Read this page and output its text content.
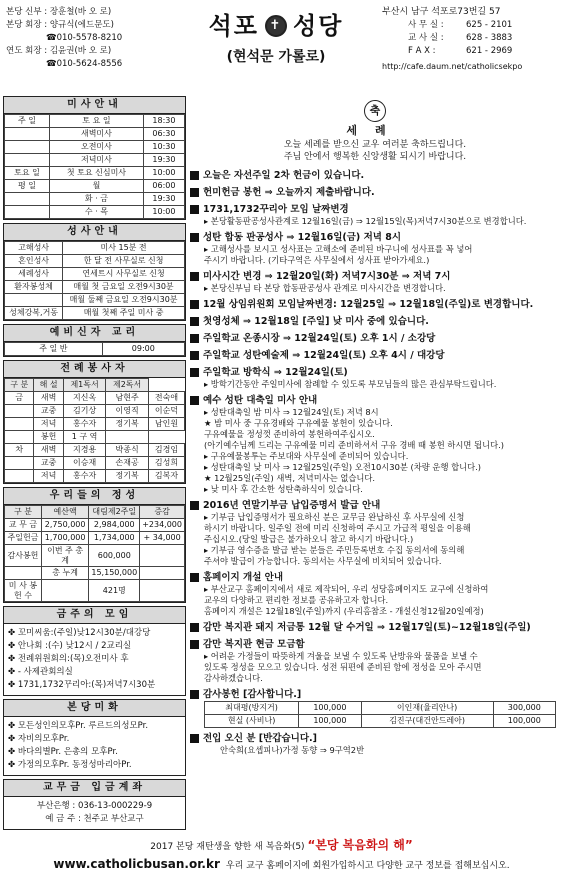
본당 신부 : 장훈철(바 오 로)
본당 회장 : 양규식(에드문도)
☎010-5578-8210
연도 회장 : 김윤권(바 오 로)
☎010-5624-8556
석포 ✝ 성당
(현석문 가롤로)
부산시 남구 석포로73번길 57
사 무 실 :	625 - 2101
교 사 실 :	628 - 3883
F A X :	621 - 2969
http://cafe.daum.net/catholicsekpo
미사안내
주 일	토 요 일	18:30
	새벽미사	06:30
	오전미사	10:30
	저녁미사	19:30
토요 일	첫 토요 신심미사	10:00
평 일	월	06:00
	화 · 금	19:30
	수 · 목	10:00
성사안내
고해성사	미사 15분 전
혼인성사	한 달 전 사무실로 신청
세례성사	연세트시 사무실로 신청
환자봉성체	매월 첫 금요일 오전9시30분
	매월 둘째 금요일 오전9시30분
성체강복,거동	매월 첫째 주일 미사 중
예비신자 교리
주 일 반	09:00
전례봉사자
구 분	해 설	제1독서	제2독서	
금	새벽	지신옥	남현주	전숙애
	교중	김기상	이영직	이순덕
	저녁	홍수자	정기복	남인원
	봉헌	1 구 역		
차	새벽	지경용	박종식	김경임
	교중	이승재	손재공	김성희
	저녁	홍수자	정기복	김복자
우리들의 정성
구 분	예산액	대림제2주일	증감
교 무 금	2,750,000	2,984,000	+234,000
주일헌금	1,700,000	1,734,000	+ 34,000
감사봉헌	이번 주 총계	600,000	
	총 누계	15,150,000	
미 사 봉 헌 수		421명	
금주의 모임
✤ 꼬미씨움:(주일)낮12시30분/대강당
✤ 안나회 :(수) 낮12시 / 2교리실
✤ 전례위원회의:(목)오전미사 후
✤ - 사제관회의실
✤ 1731,1732꾸리아:(목)저녁7시30분
본당미화
✤ 모든성인의모후Pr. 루르드의성모Pr.
✤ 자비의모후Pr.
✤ 바다의별Pr. 은총의 모후Pr.
✤ 가정의모후Pr. 동정성마리아Pr.
교무금 입금계좌
부산은행 : 036-13-000229-9
예 금 주 : 천주교 부산교구
축
세례
오늘 세례를 받으신 교우 여러분 축하드립니다.
주님 안에서 행복한 신앙생활 되시기 바랍니다.
오늘은 자선주일 2차 헌금이 있습니다.
헌미헌금 봉헌 ⇒ 오늘까지 제출바랍니다.
1731,1732꾸리아 모임 날짜변경
▸ 본당활동판공성사관계로 12월16일(금) ⇒ 12월15일(목)저녁7시30분으로 변경합니다.
성탄 합동 판공성사 ⇒ 12월16일(금) 저녁 8시
▸ 고해성사를 보시고 성사표는 고해소에 준비된 바구니에 성사표를 꼭 넣어
주시기 바랍니다. (기타구역은 사무실에서 성사표 받아가세요.)
미사시간 변경 ⇒ 12월20일(화) 저녁7시30분 ⇒ 저녁 7시
▸ 본당신부님 타 본당 합동판공성사 관계로 미사시간을 변경합니다.
12월 상임위원회 모임날짜변경: 12월25일 ⇒ 12월18일(주일)로 변경합니다.
첫영성체 ⇒ 12월18일 [주일] 낮 미사 중에 있습니다.
주일학교 온종시장 ⇒ 12월24일(토) 오후 1시 / 소강당
주일학교 성탄예술제 ⇒ 12월24일(토) 오후 4시 / 대강당
주일학교 방학식 ⇒ 12월24일(토)
▸ 방학기간동안 주일미사에 참례할 수 있도록 부모님들의 많은 관심부탁드립니다.
예수 성탄 대축일 미사 안내
▸ 성탄대축일 밤 미사 ⇒ 12월24일(토) 저녁 8시
★ 밤 미사 중 구유경배와 구유예물 봉헌이 있습니다.
구유예물을 정성껏 준비하여 봉헌하여주십시오.
(아기예수님께 드리는 구유예물 미리 준비하셔서 구유 경배 때 봉헌 하시면 됩니다.)
▸ 구유예물봉투는 주보대와 사무실에 준비되어 있습니다.
▸ 성탄대축일 낮 미사 ⇒ 12월25일(주일) 오전10시30분 (차량 운행 합니다.)
★ 12월25일(주일) 새벽, 저녁미사는 없습니다.
▸ 낮 미사 후 간소한 성탄축하식이 있습니다.
2016년 연말기부금 납입증명서 발급 안내
▸ 기부금 납입증명서가 필요하신 분은 교무금 완납하신 후 사무실에 신청
하시기 바랍니다. 일주일 전에 미리 신청하여 주시고 가급적 평일을 이용해
주십시오.(당일 발급은 불가하오니 참고 하시기 바랍니다.)
▸ 기부금 영수증을 발급 받는 분들은 주민등록번호 수집 동의서에 동의해
주셔야 발급이 가능합니다. 동의서는 사무실에 비치되어 있습니다.
홈페이지 개설 안내
▸ 부산교구 홈페이지에서 새로 제작되어, 우리 성당홈페이지도 교구에 신청하여
교우의 다양하고 편리한 정보를 공유하고자 합니다.
홈페이지 개설은 12월18일(주일)까지 (우리홈참조 - 개설신청12월20일예정)
감만 복지관 돼지 저금통 12월 달 수거일 ⇒ 12월17일(토)~12월18일(주일)
감만 복지관 현금 모금함
▸ 어려운 가정들이 따뜻하게 겨울을 보낼 수 있도록 난방유와 물품을 보낼 수
있도록 정성을 모으고 있습니다. 성전 뒤편에 준비된 함에 정성을 모아 주시면
감사하겠습니다.
감사봉헌 [감사합니다.]
최대평(방지거)	100,000	이인재(율리안나)	300,000
현실 (사비나)	100,000	김진구(대건안드레아)	100,000
전입 오신 분 [반갑습니다.]
안숙희(요셉피나)가정 동향 ⇒ 9구역2반
2017 본당 재탄생을 향한 새 복음화(5) “본당 복음화의 해”
www.catholicbusan.or.kr 우리 교구 홈페이지에 회원가입하시고 다양한 교구 정보를 접해보십시오.
